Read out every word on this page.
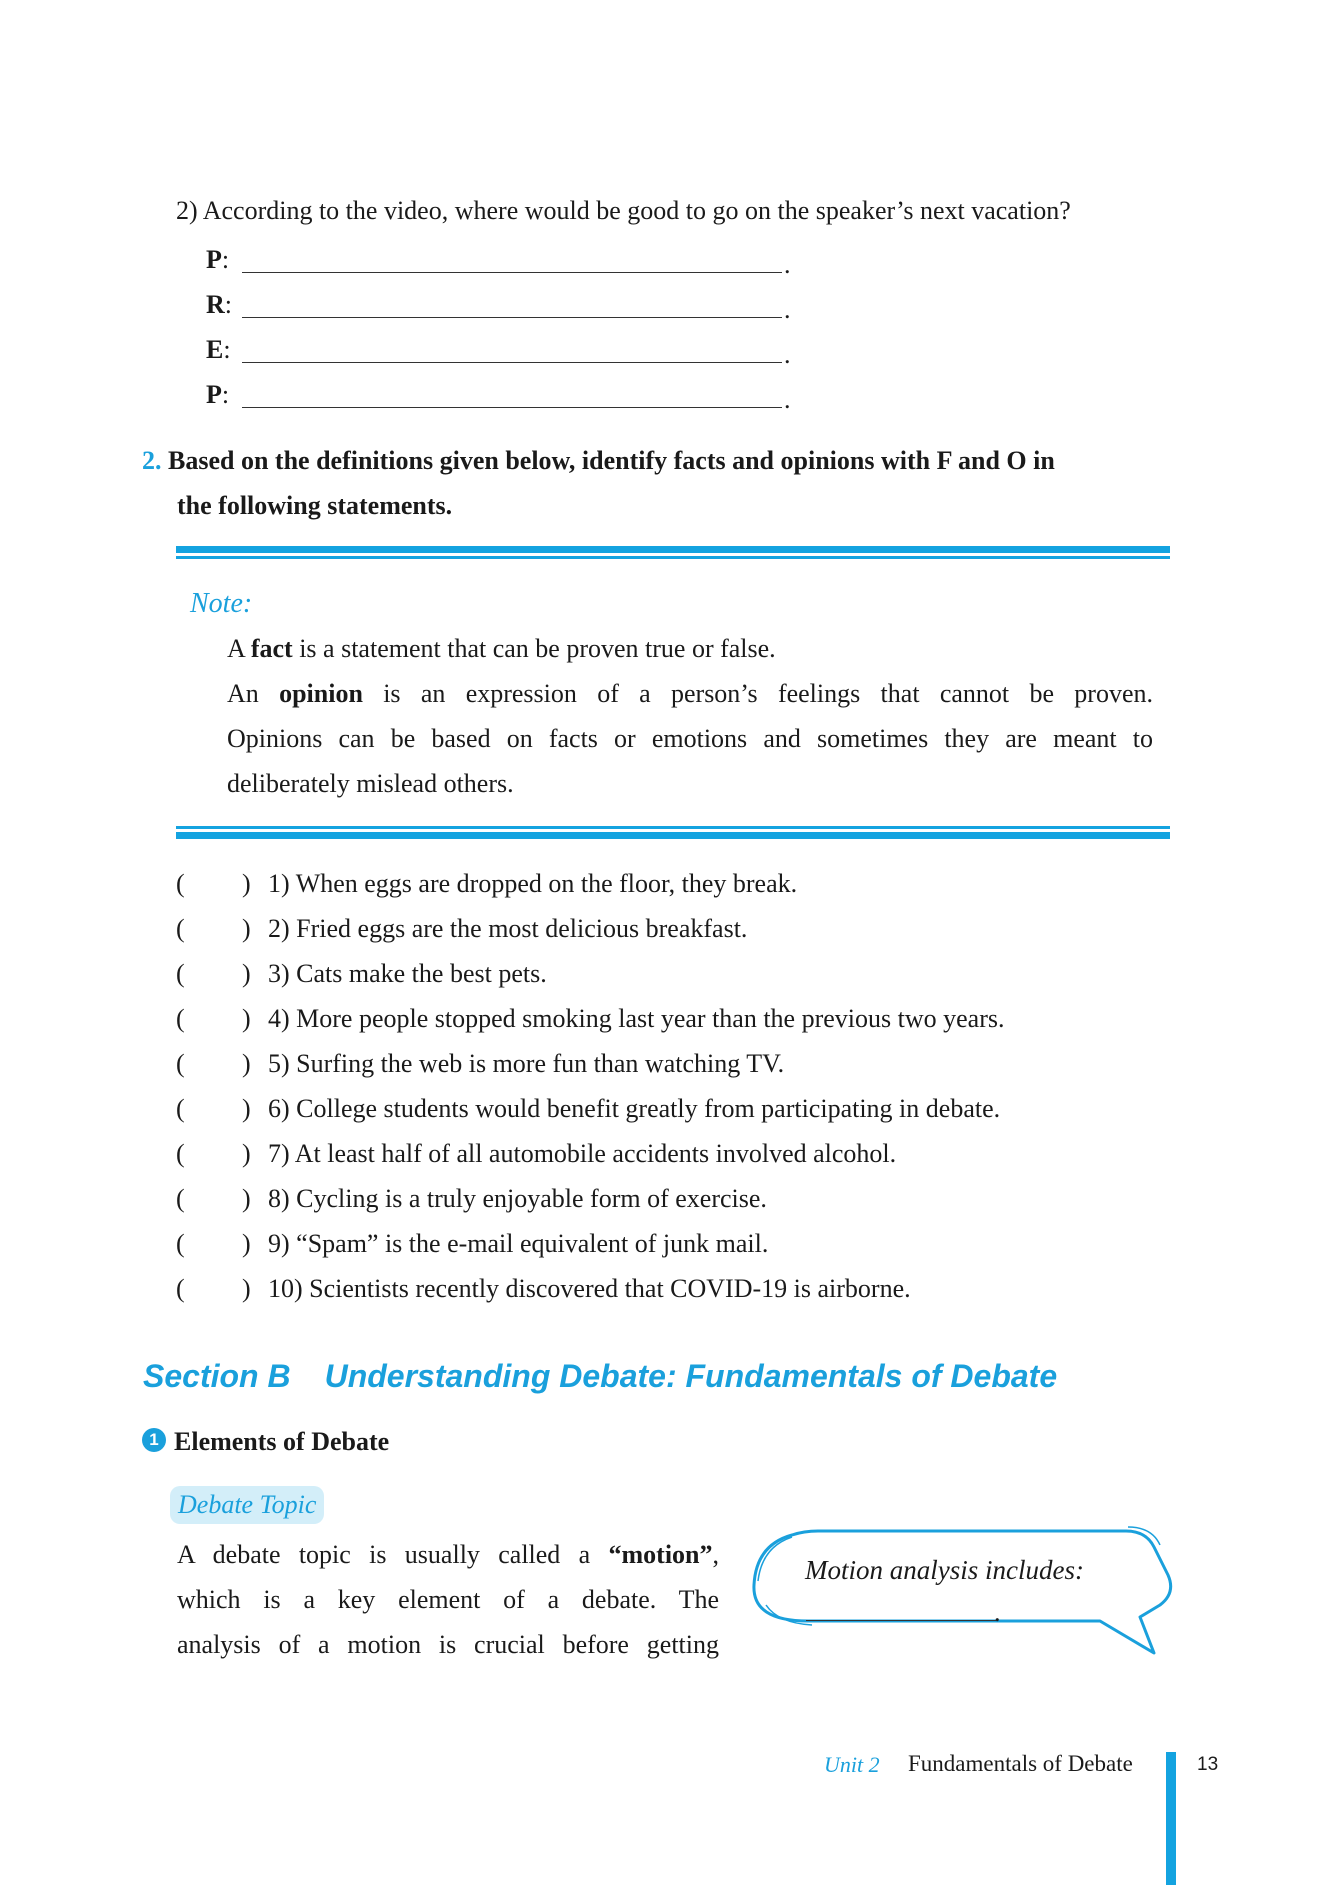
2) According to the video, where would be good to go on the speaker’s next vacation?
P:	.
R:	.
E:	.
P:	.
2. Based on the definitions given below, identify facts and opinions with F and O in
the following statements.
Note:
A fact is a statement that can be proven true or false.
An opinion is an expression of a person’s feelings that cannot be proven.
Opinions can be based on facts or emotions and sometimes they are meant to
deliberately mislead others.
( ) 1) When eggs are dropped on the floor, they break.
( ) 2) Fried eggs are the most delicious breakfast.
( ) 3) Cats make the best pets.
( ) 4) More people stopped smoking last year than the previous two years.
( ) 5) Surfing the web is more fun than watching TV.
( ) 6) College students would benefit greatly from participating in debate.
( ) 7) At least half of all automobile accidents involved alcohol.
( ) 8) Cycling is a truly enjoyable form of exercise.
( ) 9) “Spam” is the e-mail equivalent of junk mail.
( ) 10) Scientists recently discovered that COVID-19 is airborne.
Section B Understanding Debate: Fundamentals of Debate
1 Elements of Debate
Debate Topic
A debate topic is usually called a “motion”,
which is a key element of a debate. The
analysis of a motion is crucial before getting
Motion analysis includes:
.
Unit 2 Fundamentals of Debate	13
